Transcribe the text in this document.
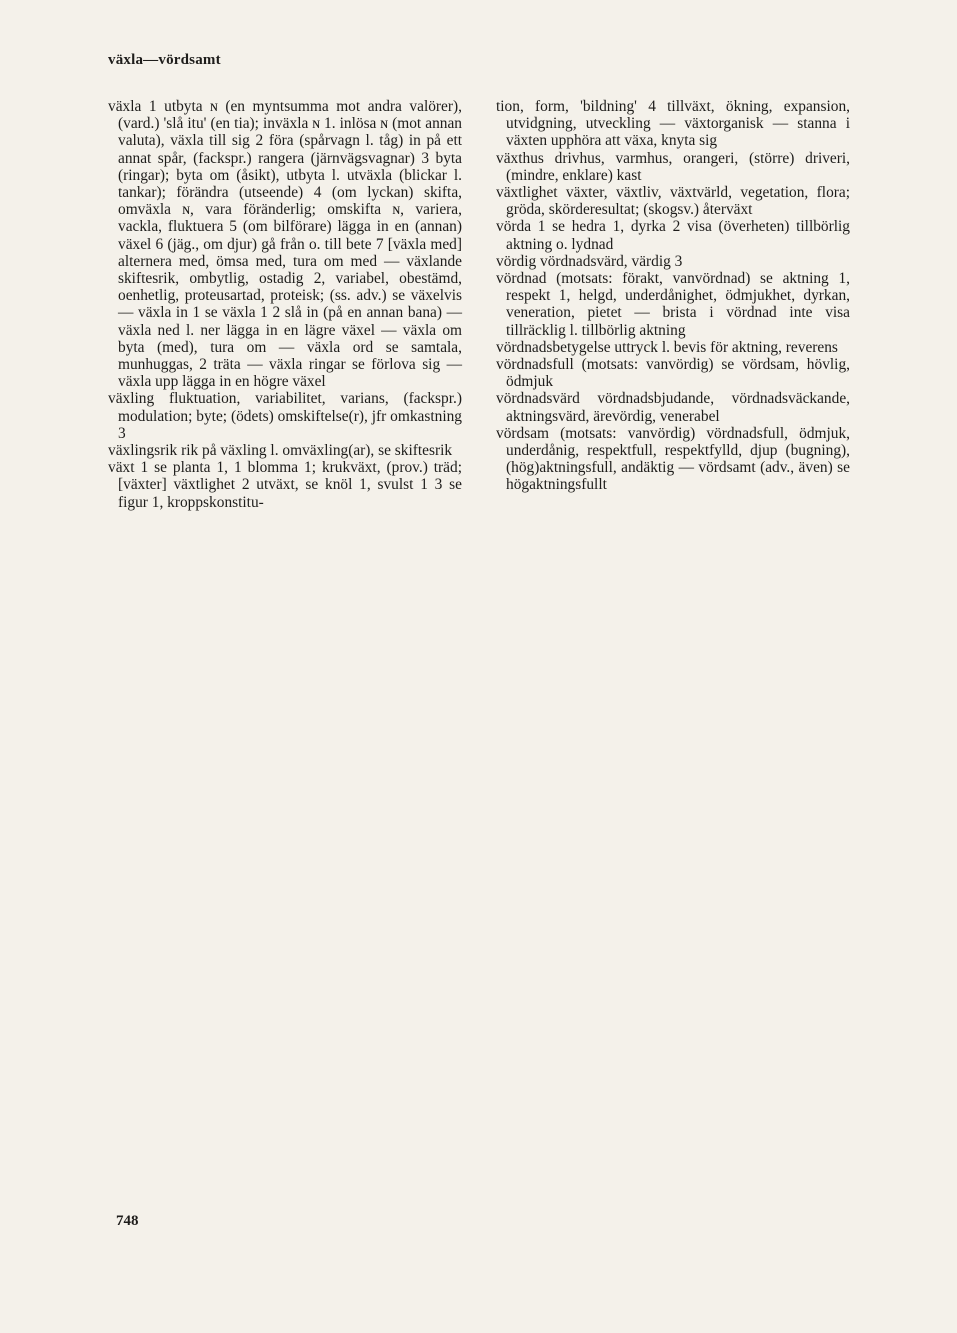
växla—vördsamt

växla 1 utbyta ɴ (en myntsumma mot andra valörer), (vard.) 'slå itu' (en tia); inväxla ɴ 1. inlösa ɴ (mot annan valuta), växla till sig 2 föra (spårvagn l. tåg) in på ett annat spår, (fackspr.) rangera (järnvägsvagnar) 3 byta (ringar); byta om (åsikt), utbyta l. utväxla (blickar l. tankar); förändra (utseende) 4 (om lyckan) skifta, omväxla ɴ, vara föränderlig; omskifta ɴ, variera, vackla, fluktuera 5 (om bilförare) lägga in en (annan) växel 6 (jäg., om djur) gå från o. till bete 7 [växla med] alternera med, ömsa med, tura om med — växlande skiftesrik, ombytlig, ostadig 2, variabel, obestämd, oenhetlig, proteusartad, proteisk; (ss. adv.) se växelvis — växla in 1 se växla 1 2 slå in (på en annan bana) — växla ned l. ner lägga in en lägre växel — växla om byta (med), tura om — växla ord se samtala, munhuggas, 2 träta — växla ringar se förlova sig — växla upp lägga in en högre växel

växling fluktuation, variabilitet, varians, (fackspr.) modulation; byte; (ödets) omskiftelse(r), jfr omkastning 3

växlingsrik rik på växling l. omväxling(ar), se skiftesrik

växt 1 se planta 1, 1 blomma 1; krukväxt, (prov.) träd; [växter] växtlighet 2 utväxt, se knöl 1, svulst 1 3 se figur 1, kroppskonstitu-

tion, form, 'bildning' 4 tillväxt, ökning, expansion, utvidgning, utveckling — växtorganisk — stanna i växten upphöra att växa, knyta sig

växthus drivhus, varmhus, orangeri, (större) driveri, (mindre, enklare) kast

växtlighet växter, växtliv, växtvärld, vegetation, flora; gröda, skörderesultat; (skogsv.) återväxt

vörda 1 se hedra 1, dyrka 2 visa (överheten) tillbörlig aktning o. lydnad

vördig vördnadsvärd, värdig 3

vördnad (motsats: förakt, vanvördnad) se aktning 1, respekt 1, helgd, underdånighet, ödmjukhet, dyrkan, veneration, pietet — brista i vördnad inte visa tillräcklig l. tillbörlig aktning

vördnadsbetygelse uttryck l. bevis för aktning, reverens

vördnadsfull (motsats: vanvördig) se vördsam, hövlig, ödmjuk

vördnadsvärd vördnadsbjudande, vördnadsväckande, aktningsvärd, ärevördig, venerabel

vördsam (motsats: vanvördig) vördnadsfull, ödmjuk, underdånig, respektfull, respektfylld, djup (bugning), (hög)aktningsfull, andäktig — vördsamt (adv., även) se högaktningsfullt

748
